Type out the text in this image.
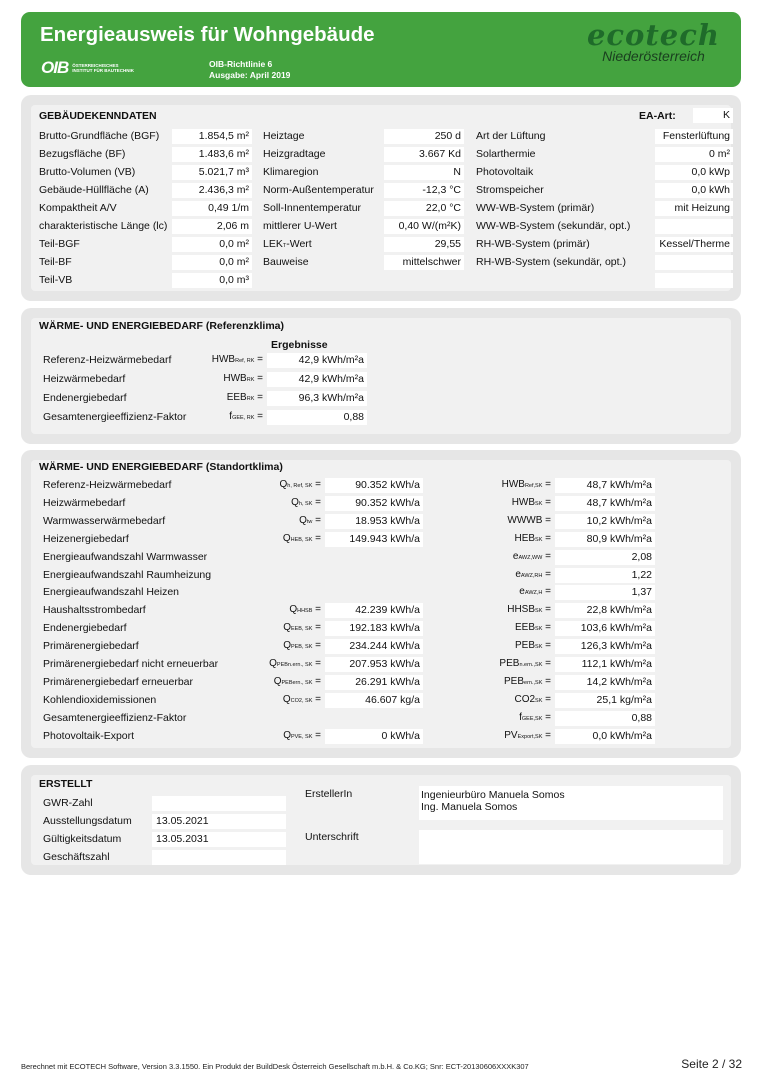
Energieausweis für Wohngebäude
OIB ÖSTERREICHISCHES
INSTITUT FÜR BAUTECHNIK
OIB-Richtlinie 6
Ausgabe: April 2019
ecotech
Niederösterreich
GEBÄUDEKENNDATEN	EA-Art:	K
Brutto-Grundfläche (BGF)	1.854,5 m²
Bezugsfläche (BF)	1.483,6 m²
Brutto-Volumen (VB)	5.021,7 m³
Gebäude-Hüllfläche (A)	2.436,3 m²
Kompaktheit A/V	0,49 1/m
charakteristische Länge (lc)	2,06 m
Teil-BGF	0,0 m²
Teil-BF	0,0 m²
Teil-VB	0,0 m³
Heiztage	250 d
Heizgradtage	3.667 Kd
Klimaregion	N
Norm-Außentemperatur	-12,3 °C
Soll-Innentemperatur	22,0 °C
mittlerer U-Wert	0,40 W/(m²K)
LEKT-Wert	29,55
Bauweise	mittelschwer
Art der Lüftung	Fensterlüftung
Solarthermie	0 m²
Photovoltaik	0,0 kWp
Stromspeicher	0,0 kWh
WW-WB-System (primär)	mit Heizung
WW-WB-System (sekundär, opt.)
RH-WB-System (primär)	Kessel/Therme
RH-WB-System (sekundär, opt.)
WÄRME- UND ENERGIEBEDARF (Referenzklima)
Ergebnisse
Referenz-Heizwärmebedarf	HWBRef, RK =	42,9 kWh/m²a
Heizwärmebedarf	HWBRK =	42,9 kWh/m²a
Endenergiebedarf	EEBRK =	96,3 kWh/m²a
Gesamtenergieeffizienz-Faktor	fGEE, RK =	0,88
WÄRME- UND ENERGIEBEDARF (Standortklima)
Referenz-Heizwärmebedarf	Qh, Ref, SK =	90.352 kWh/a	HWBRef,SK =	48,7 kWh/m²a
Heizwärmebedarf	Qh, SK =	90.352 kWh/a	HWBSK =	48,7 kWh/m²a
Warmwasserwärmebedarf	Qtw =	18.953 kWh/a	WWWB =	10,2 kWh/m²a
Heizenergiebedarf	QHEB, SK =	149.943 kWh/a	HEBSK =	80,9 kWh/m²a
Energieaufwandszahl Warmwasser	eAWZ,WW =	2,08
Energieaufwandszahl Raumheizung	eAWZ,RH =	1,22
Energieaufwandszahl Heizen	eAWZ,H =	1,37
Haushaltsstrombedarf	QHHSB =	42.239 kWh/a	HHSBSK =	22,8 kWh/m²a
Endenergiebedarf	QEEB, SK =	192.183 kWh/a	EEBSK =	103,6 kWh/m²a
Primärenergiebedarf	QPEB, SK =	234.244 kWh/a	PEBSK =	126,3 kWh/m²a
Primärenergiebedarf nicht erneuerbar	QPEBn.ern., SK =	207.953 kWh/a	PEBn.ern.,SK =	112,1 kWh/m²a
Primärenergiebedarf erneuerbar	QPEBern., SK =	26.291 kWh/a	PEBern.,SK =	14,2 kWh/m²a
Kohlendioxidemissionen	QCO2, SK =	46.607 kg/a	CO2SK =	25,1 kg/m²a
Gesamtenergieeffizienz-Faktor	fGEE,SK =	0,88
Photovoltaik-Export	QPVE, SK =	0 kWh/a	PVExport,SK =	0,0 kWh/m²a
ERSTELLT
GWR-Zahl
Ausstellungsdatum	13.05.2021
Gültigkeitsdatum	13.05.2031
Geschäftszahl
ErstellerIn	Ingenieurbüro Manuela Somos
Ing. Manuela Somos
Unterschrift
Berechnet mit ECOTECH Software, Version 3.3.1550. Ein Produkt der BuildDesk Österreich Gesellschaft m.b.H. & Co.KG; Snr: ECT-20130606XXXK307	Seite 2 / 32
